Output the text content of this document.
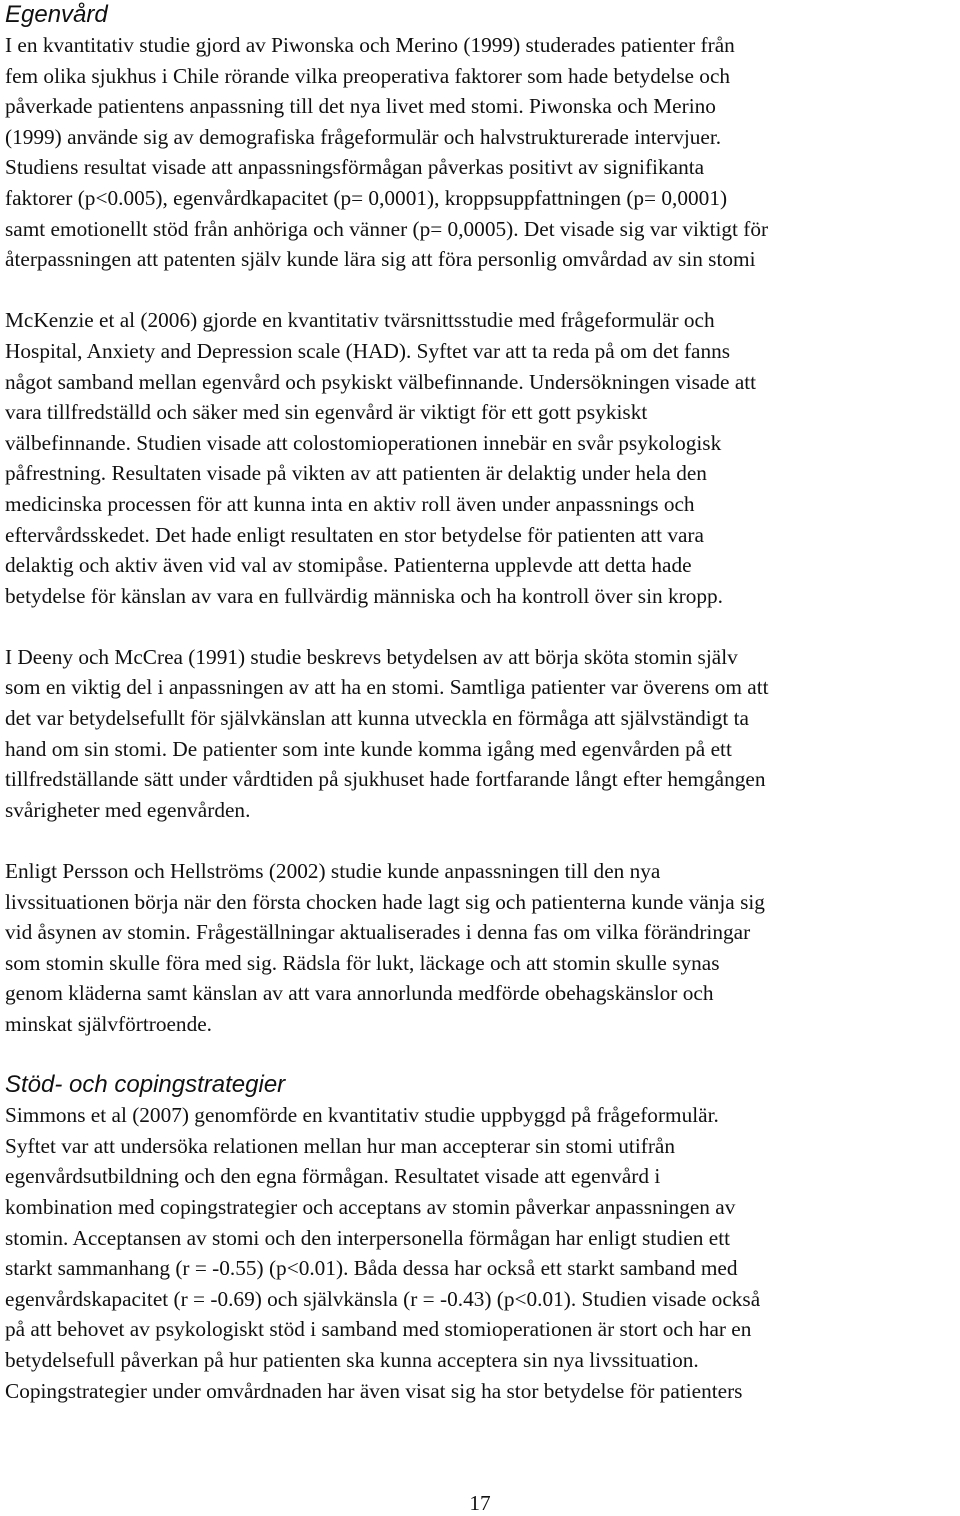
Egenvård

I en kvantitativ studie gjord av Piwonska och Merino (1999) studerades patienter från
fem olika sjukhus i Chile rörande vilka preoperativa faktorer som hade betydelse och
påverkade patientens anpassning till det nya livet med stomi. Piwonska och Merino
(1999) använde sig av demografiska frågeformulär och halvstrukturerade intervjuer.
Studiens resultat visade att anpassningsförmågan påverkas positivt av signifikanta
faktorer (p<0.005), egenvårdkapacitet (p= 0,0001), kroppsuppfattningen (p= 0,0001)
samt emotionellt stöd från anhöriga och vänner (p= 0,0005). Det visade sig var viktigt för
återpassningen att patenten själv kunde lära sig att föra personlig omvårdad av sin stomi

McKenzie et al (2006) gjorde en kvantitativ tvärsnittsstudie med frågeformulär och
Hospital, Anxiety and Depression scale (HAD). Syftet var att ta reda på om det fanns
något samband mellan egenvård och psykiskt välbefinnande. Undersökningen visade att
vara tillfredställd och säker med sin egenvård är viktigt för ett gott psykiskt
välbefinnande. Studien visade att colostomioperationen innebär en svår psykologisk
påfrestning. Resultaten visade på vikten av att patienten är delaktig under hela den
medicinska processen för att kunna inta en aktiv roll även under anpassnings och
eftervårdsskedet. Det hade enligt resultaten en stor betydelse för patienten att vara
delaktig och aktiv även vid val av stomipåse. Patienterna upplevde att detta hade
betydelse för känslan av vara en fullvärdig människa och ha kontroll över sin kropp.

I Deeny och McCrea (1991) studie beskrevs betydelsen av att börja sköta stomin själv
som en viktig del i anpassningen av att ha en stomi. Samtliga patienter var överens om att
det var betydelsefullt för självkänslan att kunna utveckla en förmåga att självständigt ta
hand om sin stomi. De patienter som inte kunde komma igång med egenvården på ett
tillfredställande sätt under vårdtiden på sjukhuset hade fortfarande långt efter hemgången
svårigheter med egenvården.

Enligt Persson och Hellströms (2002) studie kunde anpassningen till den nya
livssituationen börja när den första chocken hade lagt sig och patienterna kunde vänja sig
vid åsynen av stomin. Frågeställningar aktualiserades i denna fas om vilka förändringar
som stomin skulle föra med sig. Rädsla för lukt, läckage och att stomin skulle synas
genom kläderna samt känslan av att vara annorlunda medförde obehagskänslor och
minskat självförtroende.

Stöd- och copingstrategier

Simmons et al (2007) genomförde en kvantitativ studie uppbyggd på frågeformulär.
Syftet var att undersöka relationen mellan hur man accepterar sin stomi utifrån
egenvårdsutbildning och den egna förmågan. Resultatet visade att egenvård i
kombination med copingstrategier och acceptans av stomin påverkar anpassningen av
stomin. Acceptansen av stomi och den interpersonella förmågan har enligt studien ett
starkt sammanhang (r = -0.55) (p<0.01). Båda dessa har också ett starkt samband med
egenvårdskapacitet (r = -0.69) och självkänsla (r = -0.43) (p<0.01). Studien visade också
på att behovet av psykologiskt stöd i samband med stomioperationen är stort och har en
betydelsefull påverkan på hur patienten ska kunna acceptera sin nya livssituation.
Copingstrategier under omvårdnaden har även visat sig ha stor betydelse för patienters

17
